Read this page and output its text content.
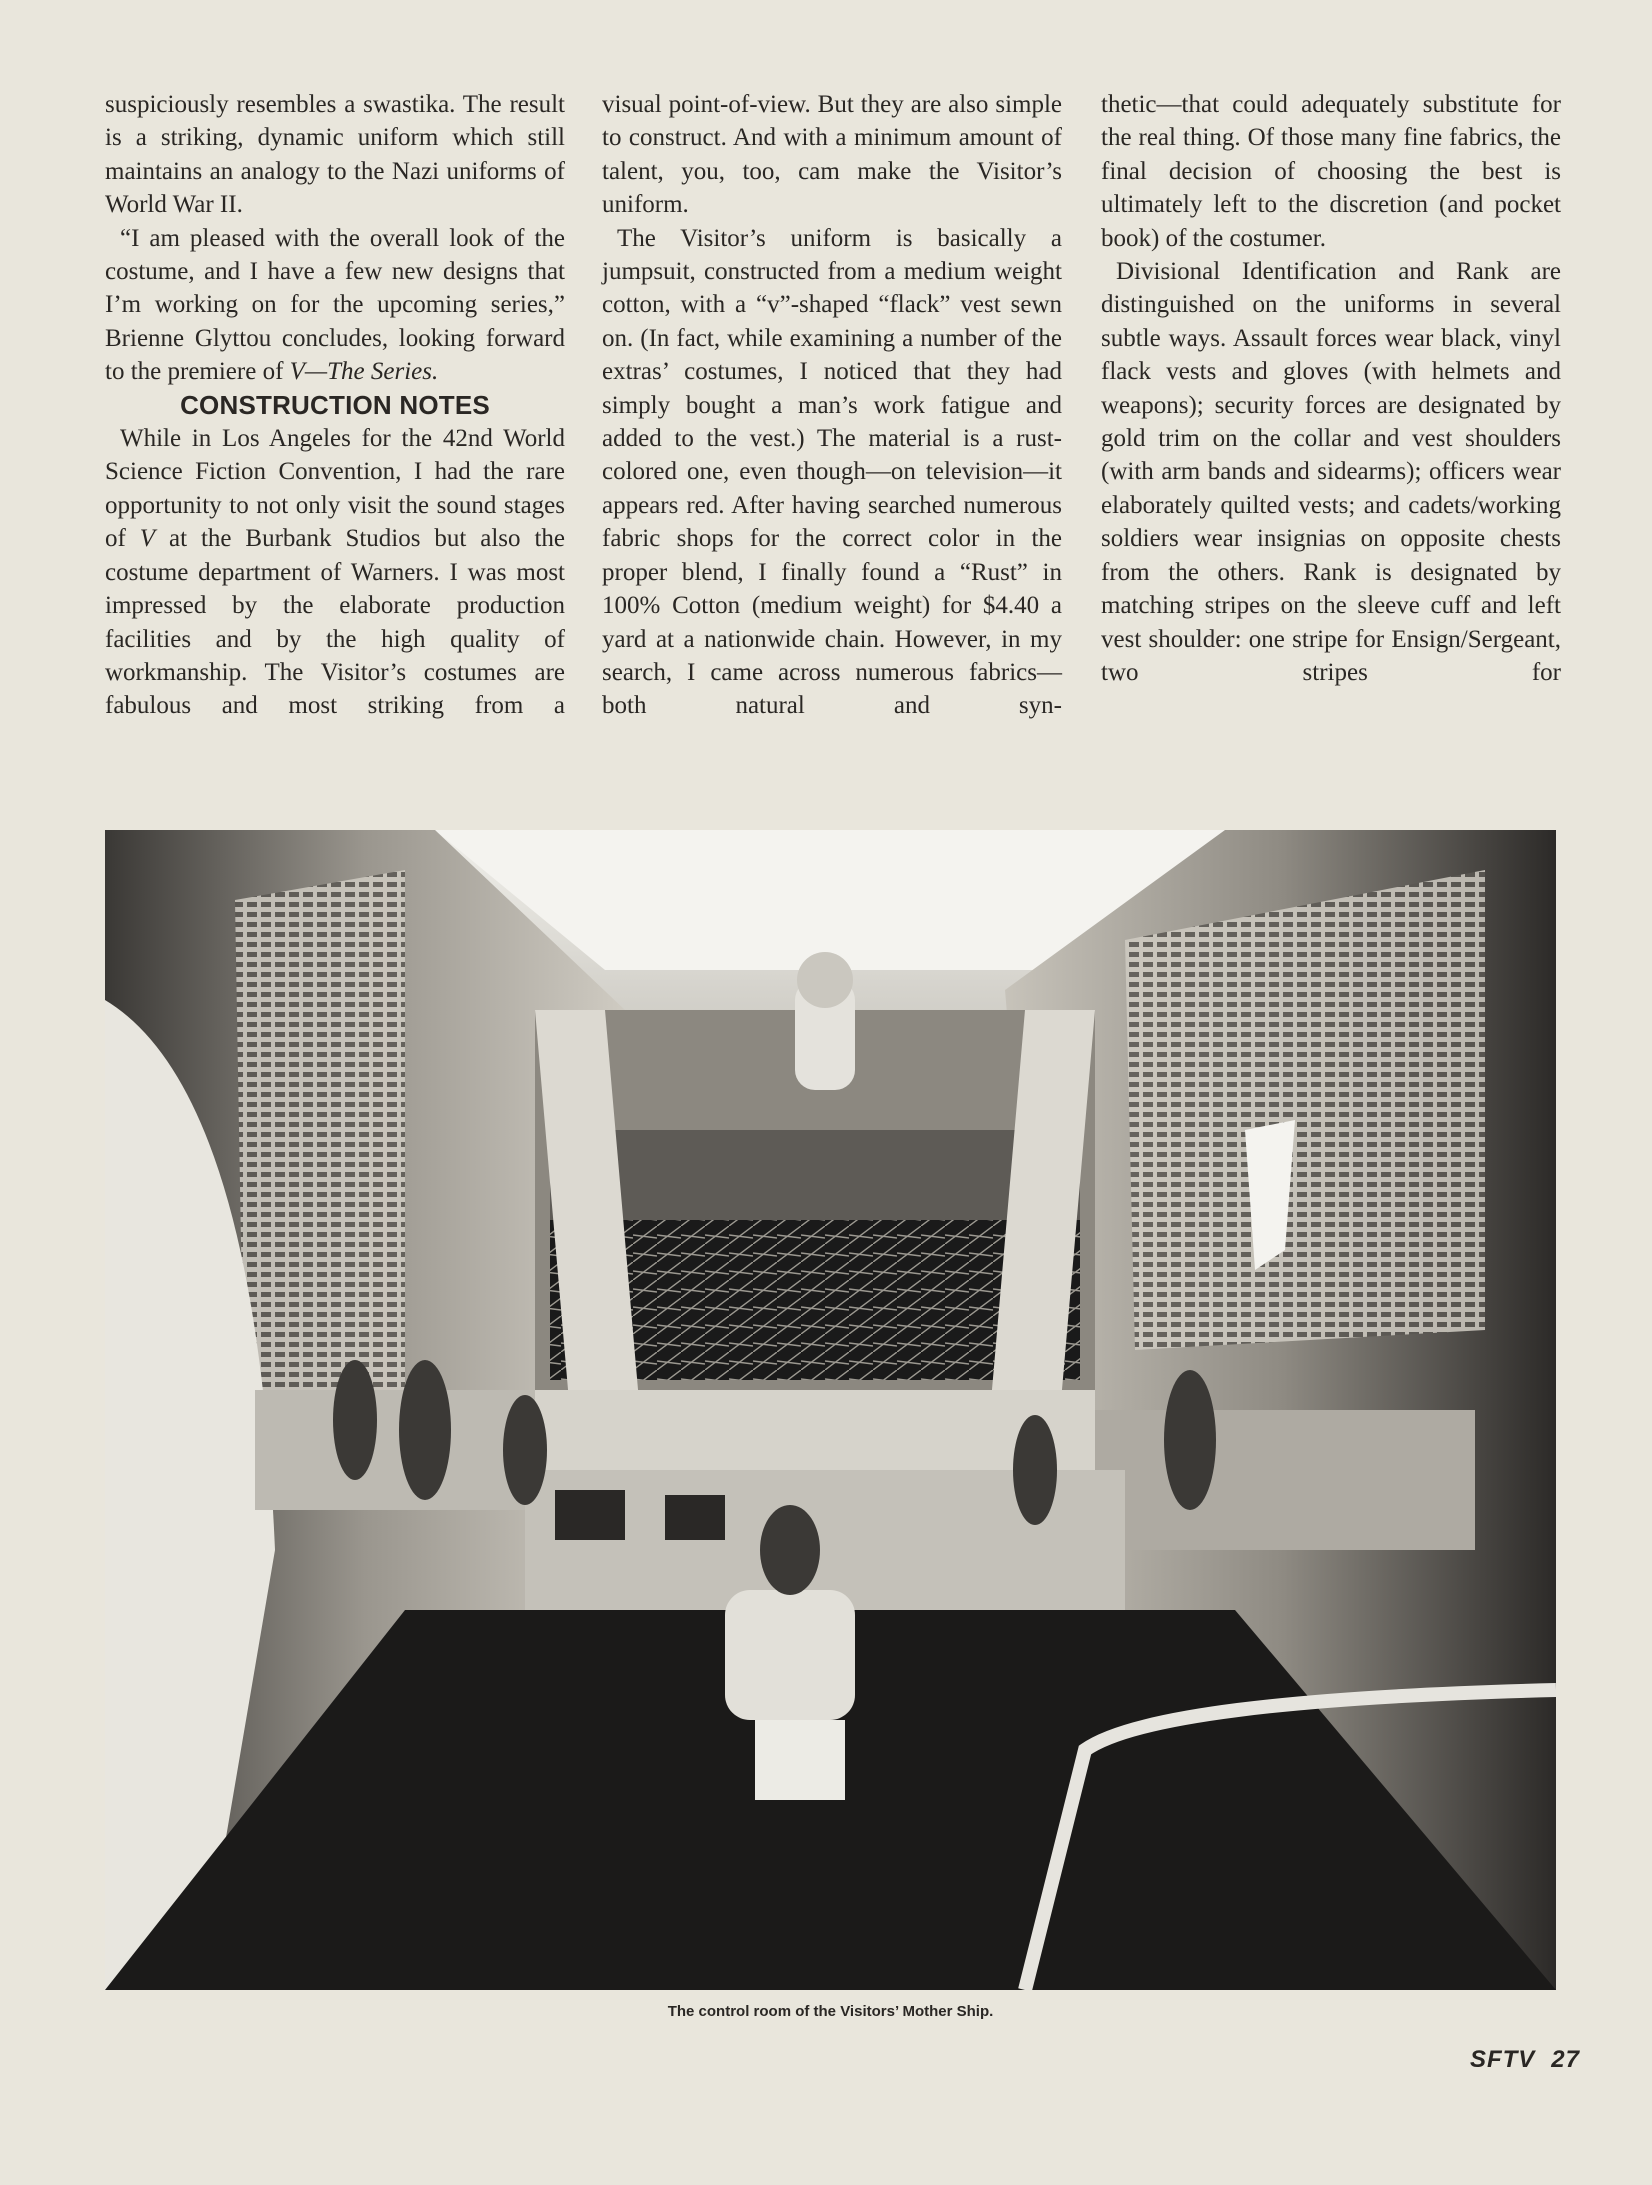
suspiciously resembles a swastika. The result is a striking, dynamic uniform which still maintains an analogy to the Nazi uniforms of World War II.

“I am pleased with the overall look of the costume, and I have a few new designs that I’m working on for the upcoming series,” Brienne Glyttou concludes, looking forward to the premiere of V—The Series.

CONSTRUCTION NOTES

While in Los Angeles for the 42nd World Science Fiction Convention, I had the rare opportunity to not only visit the sound stages of V at the Burbank Studios but also the costume department of Warners. I was most impressed by the elaborate production facilities and by the high quality of workmanship. The Visitor’s costumes are fabulous and most striking from a

visual point-of-view. But they are also simple to construct. And with a minimum amount of talent, you, too, cam make the Visitor’s uniform.

The Visitor’s uniform is basically a jumpsuit, constructed from a medium weight cotton, with a “v”-shaped “flack” vest sewn on. (In fact, while examining a number of the extras’ costumes, I noticed that they had simply bought a man’s work fatigue and added to the vest.) The material is a rust-colored one, even though—on television—it appears red. After having searched numerous fabric shops for the correct color in the proper blend, I finally found a “Rust” in 100% Cotton (medium weight) for $4.40 a yard at a nationwide chain. However, in my search, I came across numerous fabrics—both natural and syn-

thetic—that could adequately substitute for the real thing. Of those many fine fabrics, the final decision of choosing the best is ultimately left to the discretion (and pocket book) of the costumer.

Divisional Identification and Rank are distinguished on the uniforms in several subtle ways. Assault forces wear black, vinyl flack vests and gloves (with helmets and weapons); security forces are designated by gold trim on the collar and vest shoulders (with arm bands and sidearms); officers wear elaborately quilted vests; and cadets/working soldiers wear insignias on opposite chests from the others. Rank is designated by matching stripes on the sleeve cuff and left vest shoulder: one stripe for Ensign/Sergeant, two stripes for

The control room of the Visitors’ Mother Ship.
SFTV 27
